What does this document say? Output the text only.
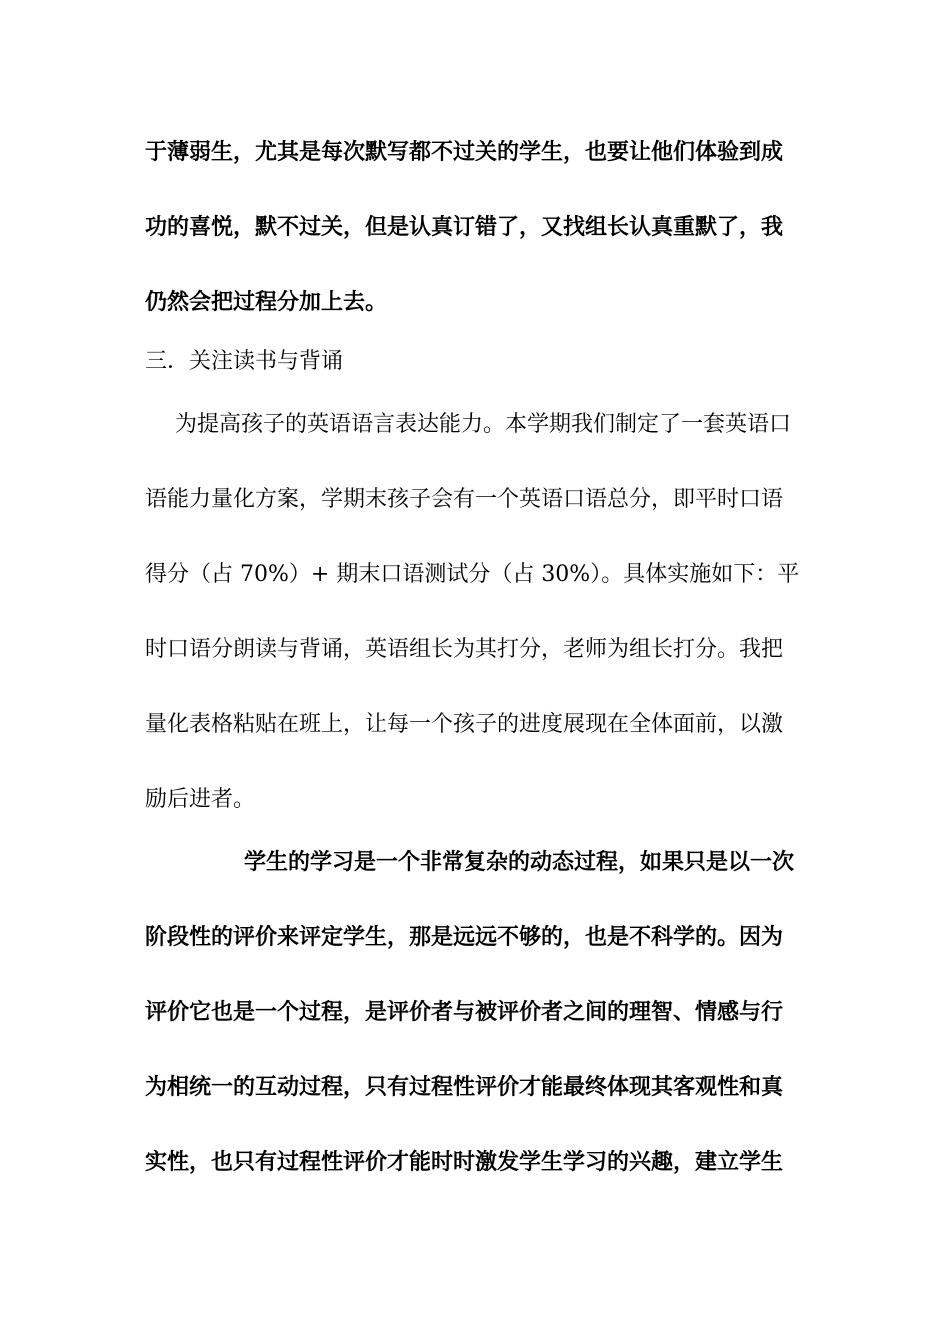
于薄弱生，尤其是每次默写都不过关的学生，也要让他们体验到成
功的喜悦，默不过关，但是认真订错了，又找组长认真重默了，我
仍然会把过程分加上去。
三．关注读书与背诵
为提高孩子的英语语言表达能力。本学期我们制定了一套英语口
语能力量化方案，学期末孩子会有一个英语口语总分，即平时口语
得分（占 70%）+ 期末口语测试分（占 30%）。具体实施如下：平
时口语分朗读与背诵，英语组长为其打分，老师为组长打分。我把
量化表格粘贴在班上，让每一个孩子的进度展现在全体面前，以激
励后进者。
学生的学习是一个非常复杂的动态过程，如果只是以一次
阶段性的评价来评定学生，那是远远不够的，也是不科学的。因为
评价它也是一个过程，是评价者与被评价者之间的理智、情感与行
为相统一的互动过程，只有过程性评价才能最终体现其客观性和真
实性，也只有过程性评价才能时时激发学生学习的兴趣，建立学生
